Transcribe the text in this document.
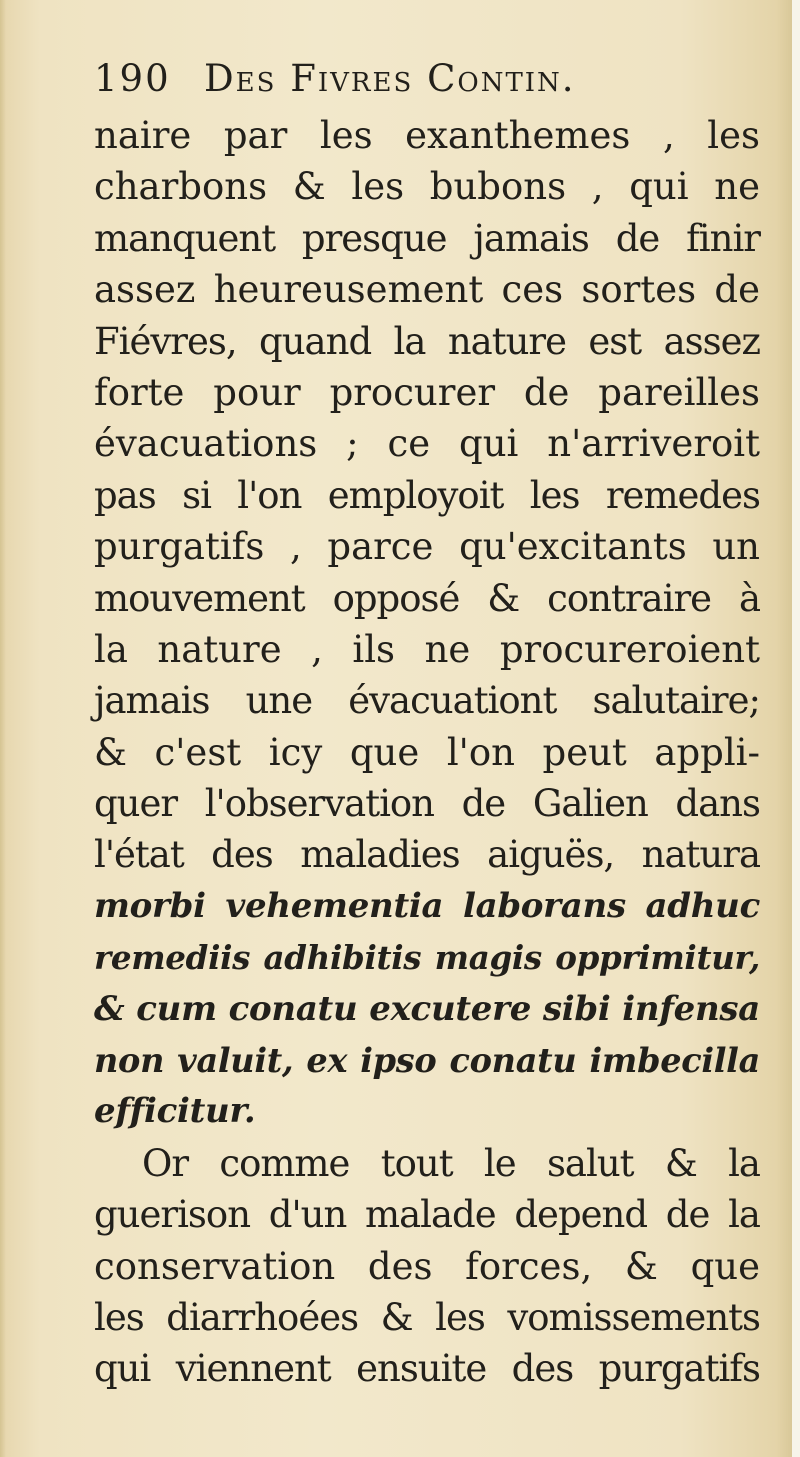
190 Des Fivres Contin.
naire par les exanthemes , les
charbons & les bubons , qui ne
manquent presque jamais de finir
assez heureusement ces sortes de
Fiévres, quand la nature est assez
forte pour procurer de pareilles
évacuations ; ce qui n'arriveroit
pas si l'on employoit les remedes
purgatifs , parce qu'excitants un
mouvement opposé & contraire à
la nature , ils ne procureroient
jamais une évacuationt salutaire;
& c'est icy que l'on peut appli-
quer l'observation de Galien dans
l'état des maladies aiguës, natura
morbi vehementia laborans adhuc
remediis adhibitis magis opprimitur,
& cum conatu excutere sibi infensa
non valuit, ex ipso conatu imbecilla
efficitur.
Or comme tout le salut & la
guerison d'un malade depend de la
conservation des forces, & que
les diarrhoées & les vomissements
qui viennent ensuite des purgatifs
